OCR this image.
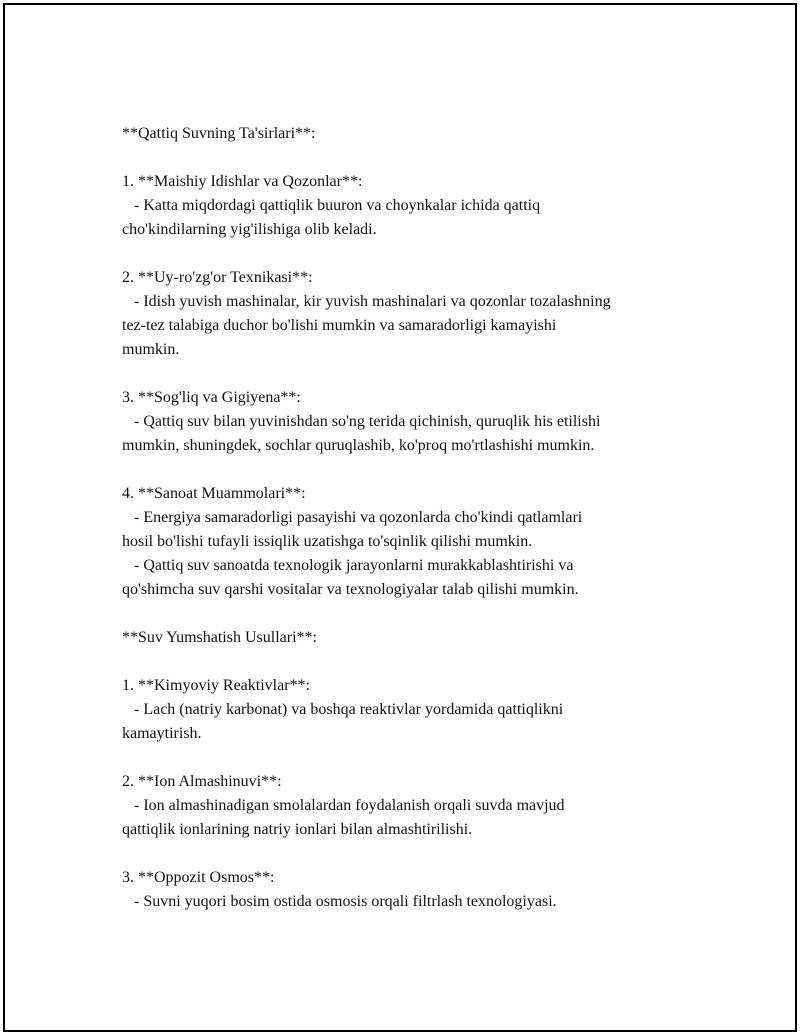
**Qattiq Suvning Ta'sirlari**:
1. **Maishiy Idishlar va Qozonlar**:
- Katta miqdordagi qattiqlik buuron va choynkalar ichida qattiq
cho'kindilarning yig'ilishiga olib keladi.
2. **Uy-ro'zg'or Texnikasi**:
- Idish yuvish mashinalar, kir yuvish mashinalari va qozonlar tozalashning
tez-tez talabiga duchor bo'lishi mumkin va samaradorligi kamayishi
mumkin.
3. **Sog'liq va Gigiyena**:
- Qattiq suv bilan yuvinishdan so'ng terida qichinish, quruqlik his etilishi
mumkin, shuningdek, sochlar quruqlashib, ko'proq mo'rtlashishi mumkin.
4. **Sanoat Muammolari**:
- Energiya samaradorligi pasayishi va qozonlarda cho'kindi qatlamlari
hosil bo'lishi tufayli issiqlik uzatishga to'sqinlik qilishi mumkin.
- Qattiq suv sanoatda texnologik jarayonlarni murakkablashtirishi va
qo'shimcha suv qarshi vositalar va texnologiyalar talab qilishi mumkin.
**Suv Yumshatish Usullari**:
1. **Kimyoviy Reaktivlar**:
- Lach (natriy karbonat) va boshqa reaktivlar yordamida qattiqlikni
kamaytirish.
2. **Ion Almashinuvi**:
- Ion almashinadigan smolalardan foydalanish orqali suvda mavjud
qattiqlik ionlarining natriy ionlari bilan almashtirilishi.
3. **Oppozit Osmos**:
- Suvni yuqori bosim ostida osmosis orqali filtrlash texnologiyasi.
